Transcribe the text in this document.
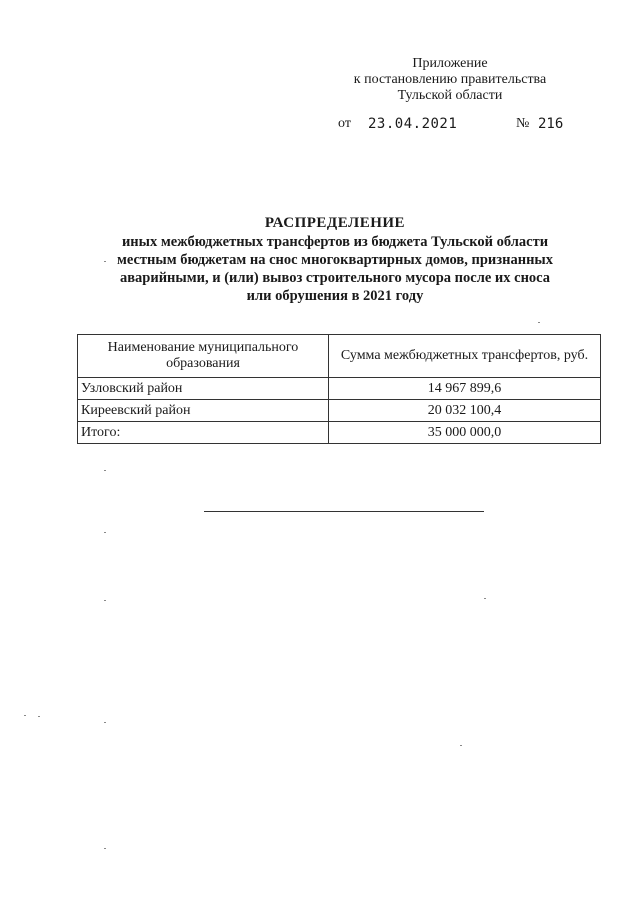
Приложение
к постановлению правительства
Тульской области
от 23.04.2021	№ 216
РАСПРЕДЕЛЕНИЕ
иных межбюджетных трансфертов из бюджета Тульской области
местным бюджетам на снос многоквартирных домов, признанных
аварийными, и (или) вывоз строительного мусора после их сноса
или обрушения в 2021 году
Наименование муниципального образования	Сумма межбюджетных трансфертов, руб.
Узловский район	14 967 899,6
Киреевский район	20 032 100,4
Итого:	35 000 000,0
